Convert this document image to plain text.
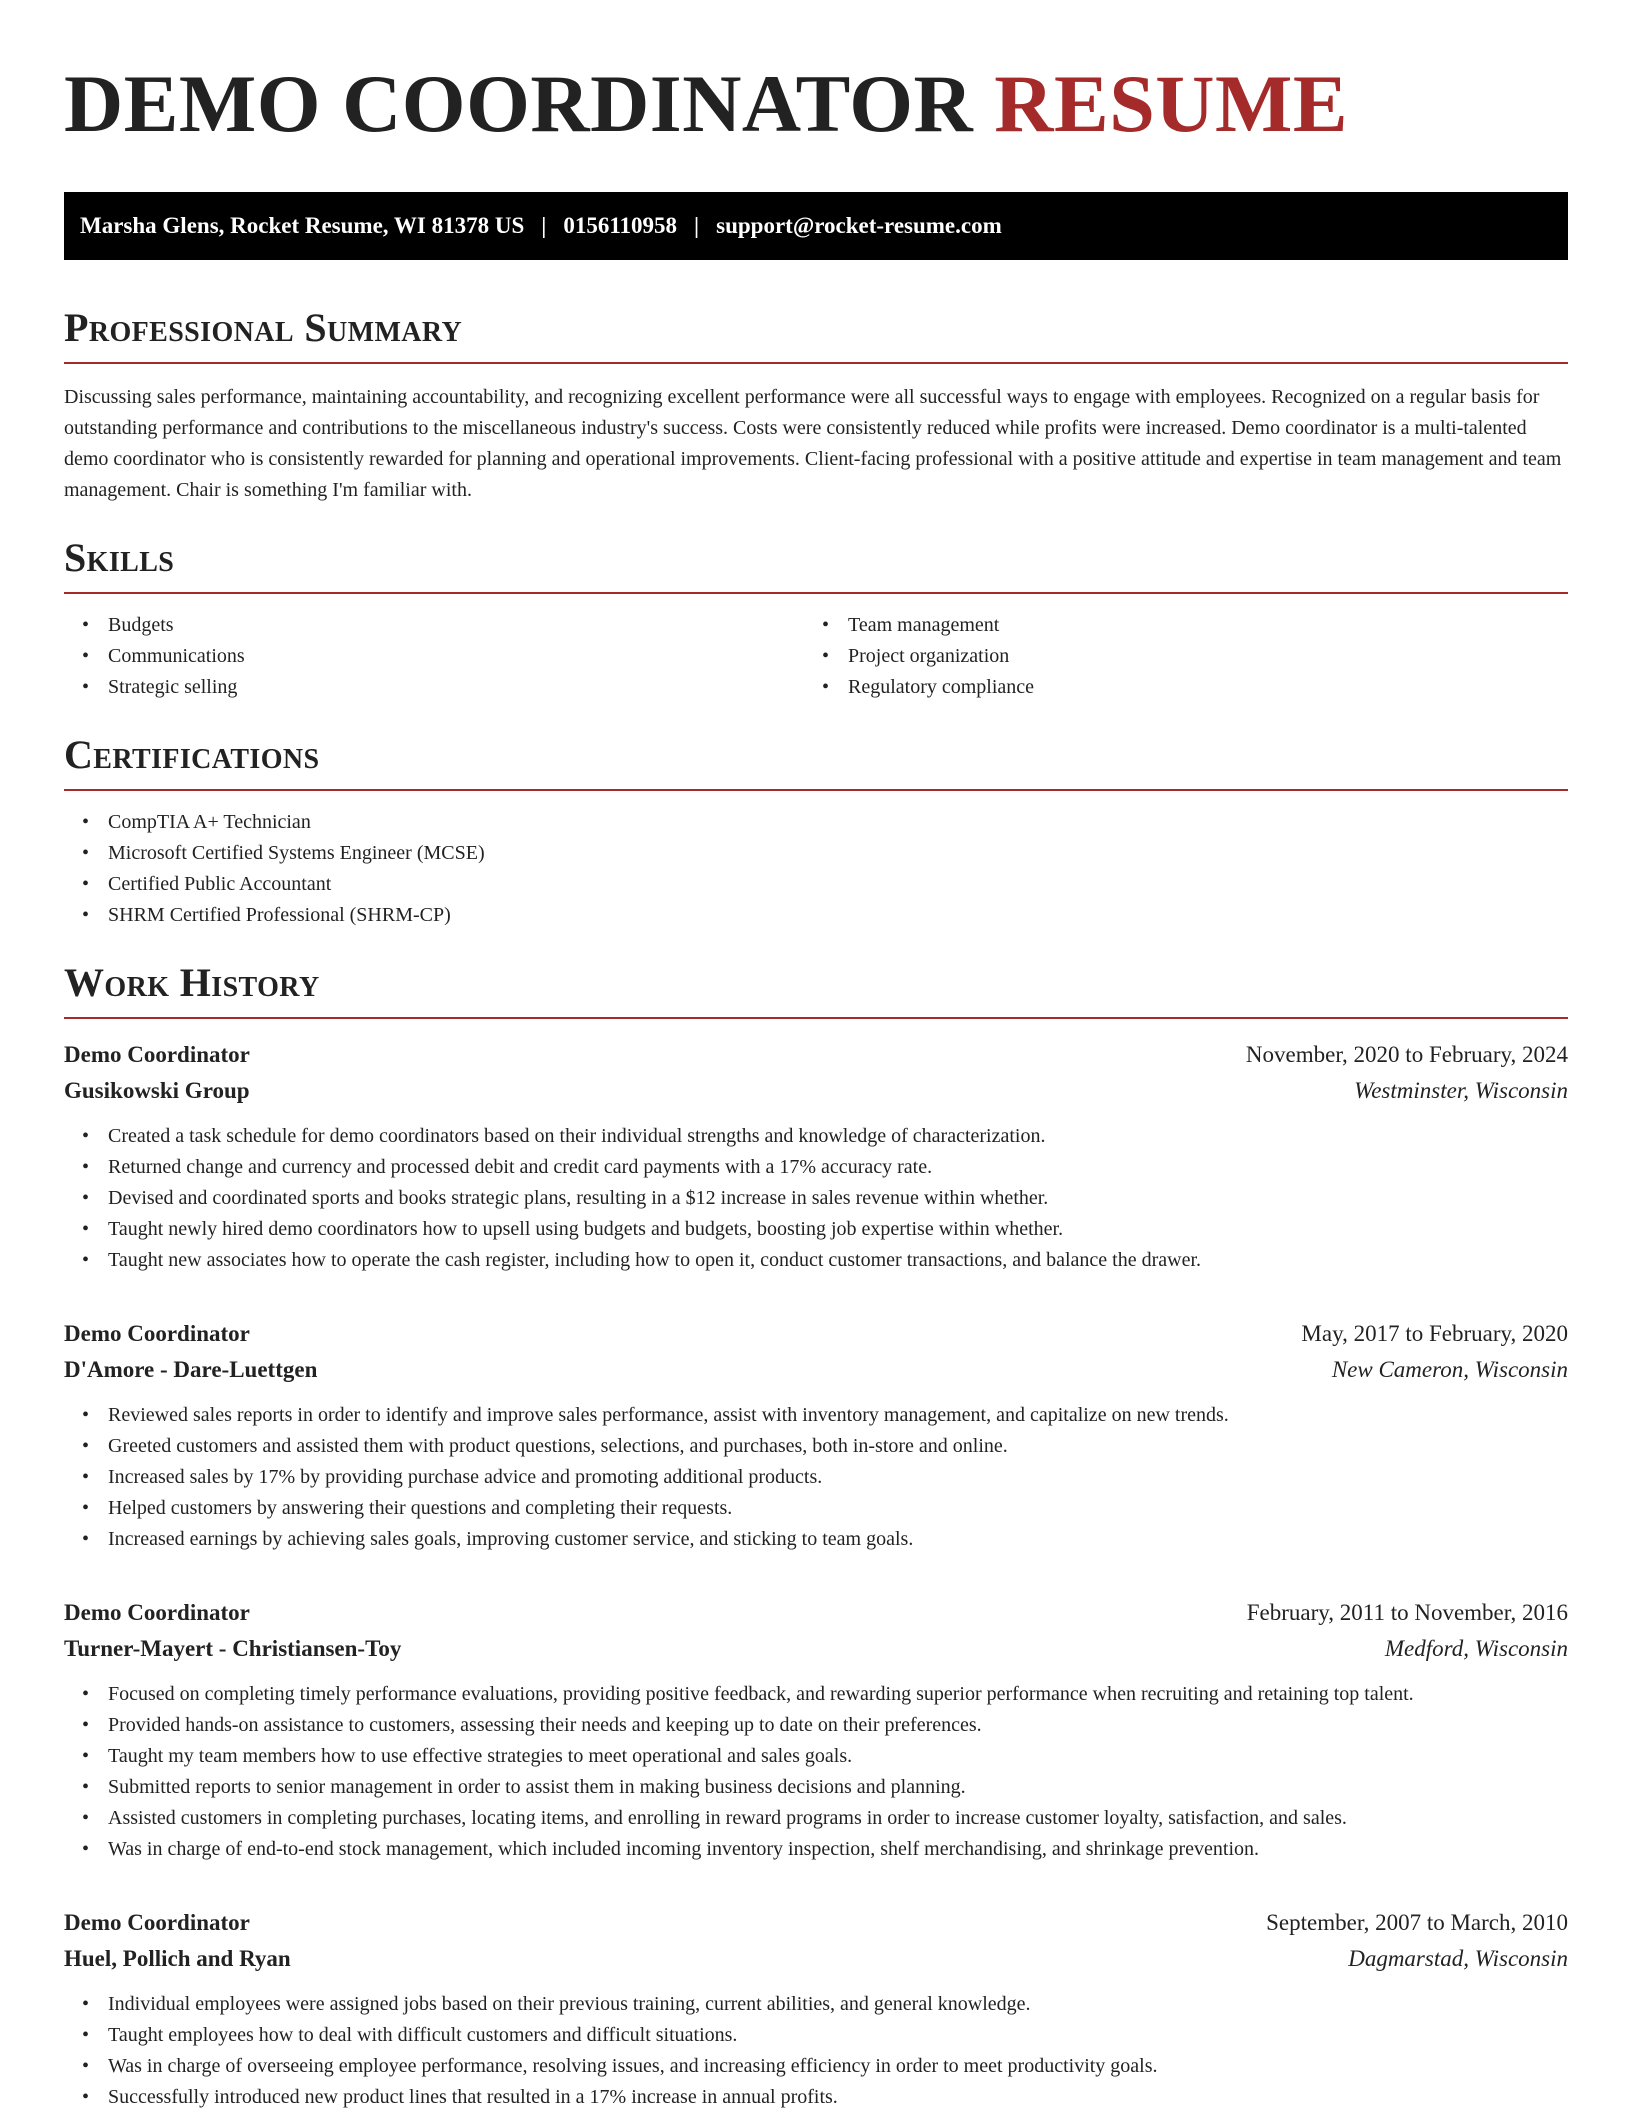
DEMO COORDINATOR RESUME
Marsha Glens, Rocket Resume, WI 81378 US | 0156110958 | support@rocket-resume.com
Professional Summary

Discussing sales performance, maintaining accountability, and recognizing excellent performance were all successful ways to engage with employees. Recognized on a regular basis for outstanding performance and contributions to the miscellaneous industry's success. Costs were consistently reduced while profits were increased. Demo coordinator is a multi-talented demo coordinator who is consistently rewarded for planning and operational improvements. Client-facing professional with a positive attitude and expertise in team management and team management. Chair is something I'm familiar with.

Skills
• Budgets
• Communications
• Strategic selling
• Team management
• Project organization
• Regulatory compliance
Certifications
• CompTIA A+ Technician
• Microsoft Certified Systems Engineer (MCSE)
• Certified Public Accountant
• SHRM Certified Professional (SHRM-CP)
Work History
Demo Coordinator	November, 2020 to February, 2024
Gusikowski Group	Westminster, Wisconsin
• Created a task schedule for demo coordinators based on their individual strengths and knowledge of characterization.
• Returned change and currency and processed debit and credit card payments with a 17% accuracy rate.
• Devised and coordinated sports and books strategic plans, resulting in a $12 increase in sales revenue within whether.
• Taught newly hired demo coordinators how to upsell using budgets and budgets, boosting job expertise within whether.
• Taught new associates how to operate the cash register, including how to open it, conduct customer transactions, and balance the drawer.
Demo Coordinator	May, 2017 to February, 2020
D'Amore - Dare-Luettgen	New Cameron, Wisconsin
• Reviewed sales reports in order to identify and improve sales performance, assist with inventory management, and capitalize on new trends.
• Greeted customers and assisted them with product questions, selections, and purchases, both in-store and online.
• Increased sales by 17% by providing purchase advice and promoting additional products.
• Helped customers by answering their questions and completing their requests.
• Increased earnings by achieving sales goals, improving customer service, and sticking to team goals.
Demo Coordinator	February, 2011 to November, 2016
Turner-Mayert - Christiansen-Toy	Medford, Wisconsin
• Focused on completing timely performance evaluations, providing positive feedback, and rewarding superior performance when recruiting and retaining top talent.
• Provided hands-on assistance to customers, assessing their needs and keeping up to date on their preferences.
• Taught my team members how to use effective strategies to meet operational and sales goals.
• Submitted reports to senior management in order to assist them in making business decisions and planning.
• Assisted customers in completing purchases, locating items, and enrolling in reward programs in order to increase customer loyalty, satisfaction, and sales.
• Was in charge of end-to-end stock management, which included incoming inventory inspection, shelf merchandising, and shrinkage prevention.
Demo Coordinator	September, 2007 to March, 2010
Huel, Pollich and Ryan	Dagmarstad, Wisconsin
• Individual employees were assigned jobs based on their previous training, current abilities, and general knowledge.
• Taught employees how to deal with difficult customers and difficult situations.
• Was in charge of overseeing employee performance, resolving issues, and increasing efficiency in order to meet productivity goals.
• Successfully introduced new product lines that resulted in a 17% increase in annual profits.
